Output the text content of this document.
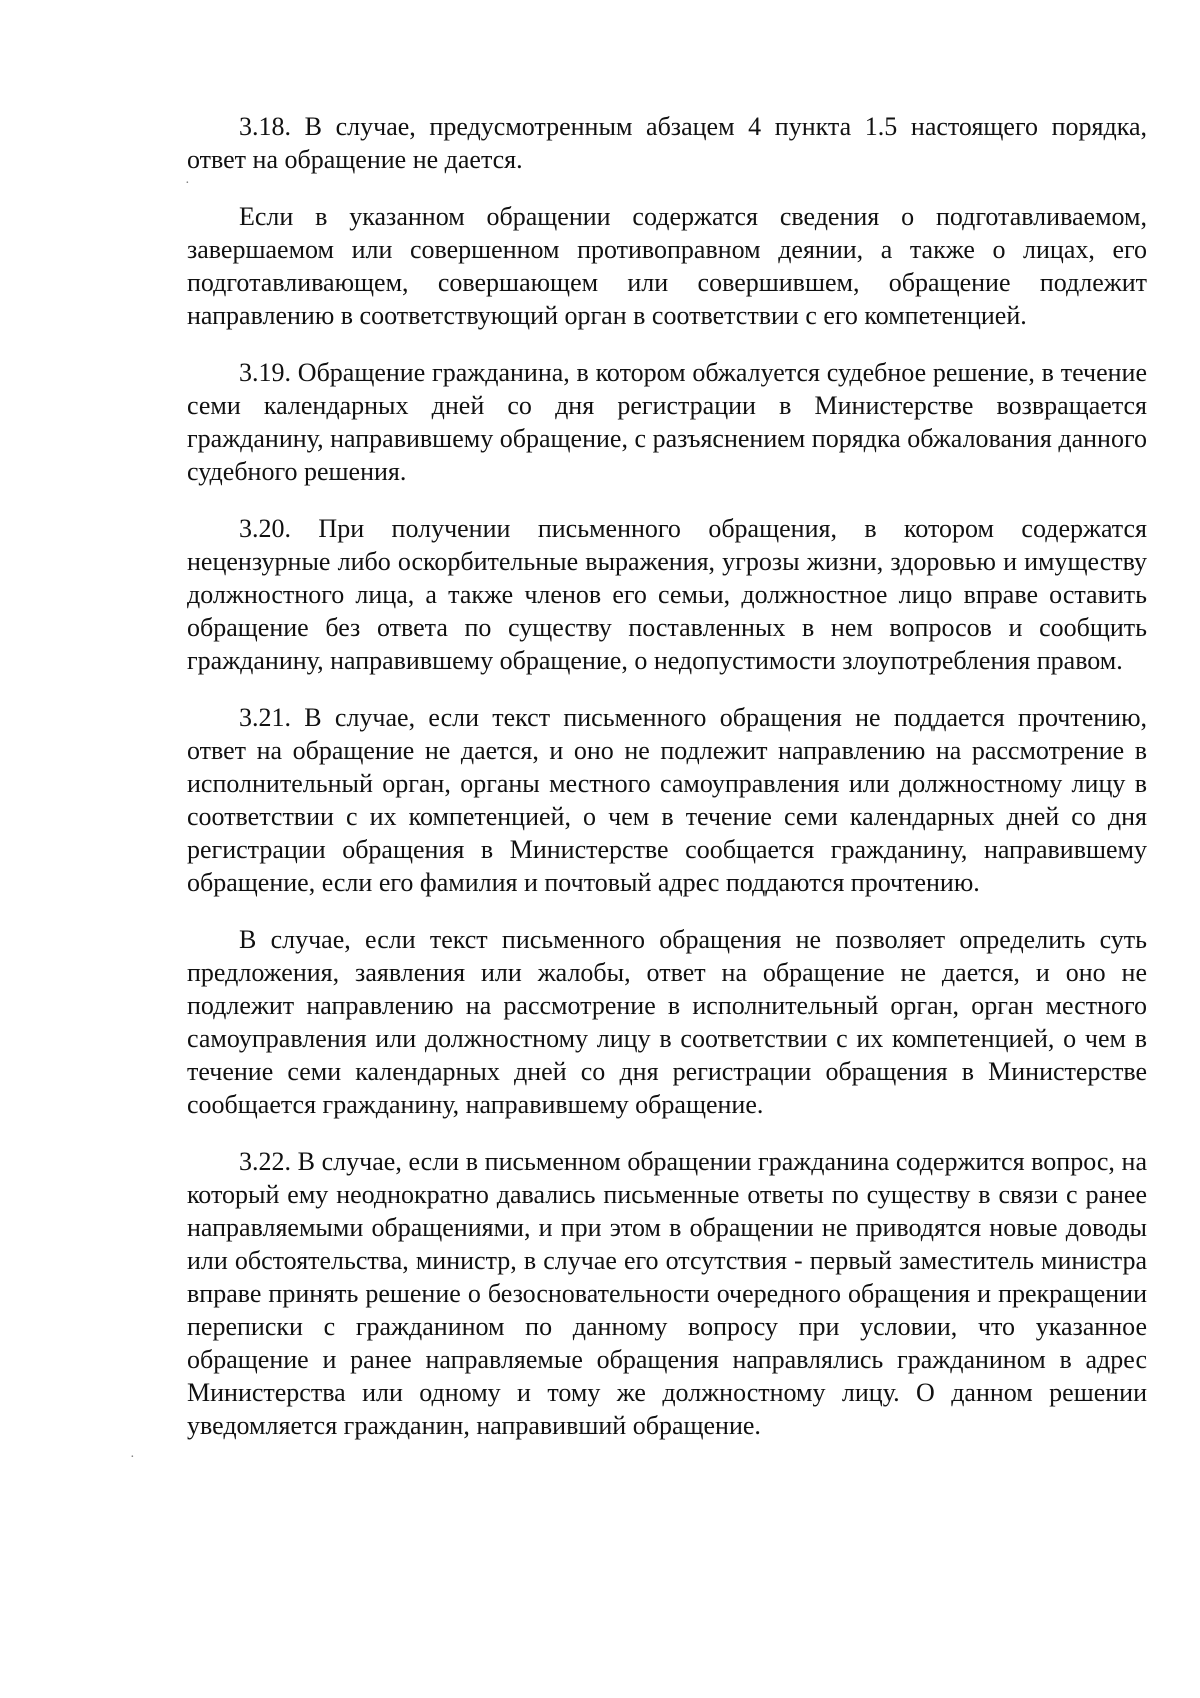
3.18. В случае, предусмотренным абзацем 4 пункта 1.5 настоящего порядка, ответ на обращение не дается.

Если в указанном обращении содержатся сведения о подготавливаемом, завершаемом или совершенном противоправном деянии, а также о лицах, его подготавливающем, совершающем или совершившем, обращение подлежит направлению в соответствующий орган в соответствии с его компетенцией.

3.19. Обращение гражданина, в котором обжалуется судебное решение, в течение семи календарных дней со дня регистрации в Министерстве возвращается гражданину, направившему обращение, с разъяснением порядка обжалования данного судебного решения.

3.20. При получении письменного обращения, в котором содержатся нецензурные либо оскорбительные выражения, угрозы жизни, здоровью и имуществу должностного лица, а также членов его семьи, должностное лицо вправе оставить обращение без ответа по существу поставленных в нем вопросов и сообщить гражданину, направившему обращение, о недопустимости злоупотребления правом.

3.21. В случае, если текст письменного обращения не поддается прочтению, ответ на обращение не дается, и оно не подлежит направлению на рассмотрение в исполнительный орган, органы местного самоуправления или должностному лицу в соответствии с их компетенцией, о чем в течение семи календарных дней со дня регистрации обращения в Министерстве сообщается гражданину, направившему обращение, если его фамилия и почтовый адрес поддаются прочтению.

В случае, если текст письменного обращения не позволяет определить суть предложения, заявления или жалобы, ответ на обращение не дается, и оно не подлежит направлению на рассмотрение в исполнительный орган, орган местного самоуправления или должностному лицу в соответствии с их компетенцией, о чем в течение семи календарных дней со дня регистрации обращения в Министерстве сообщается гражданину, направившему обращение.

3.22. В случае, если в письменном обращении гражданина содержится вопрос, на который ему неоднократно давались письменные ответы по существу в связи с ранее направляемыми обращениями, и при этом в обращении не приводятся новые доводы или обстоятельства, министр, в случае его отсутствия - первый заместитель министра вправе принять решение о безосновательности очередного обращения и прекращении переписки с гражданином по данному вопросу при условии, что указанное обращение и ранее направляемые обращения направлялись гражданином в адрес Министерства или одному и тому же должностному лицу. О данном решении уведомляется гражданин, направивший обращение.

·
·
